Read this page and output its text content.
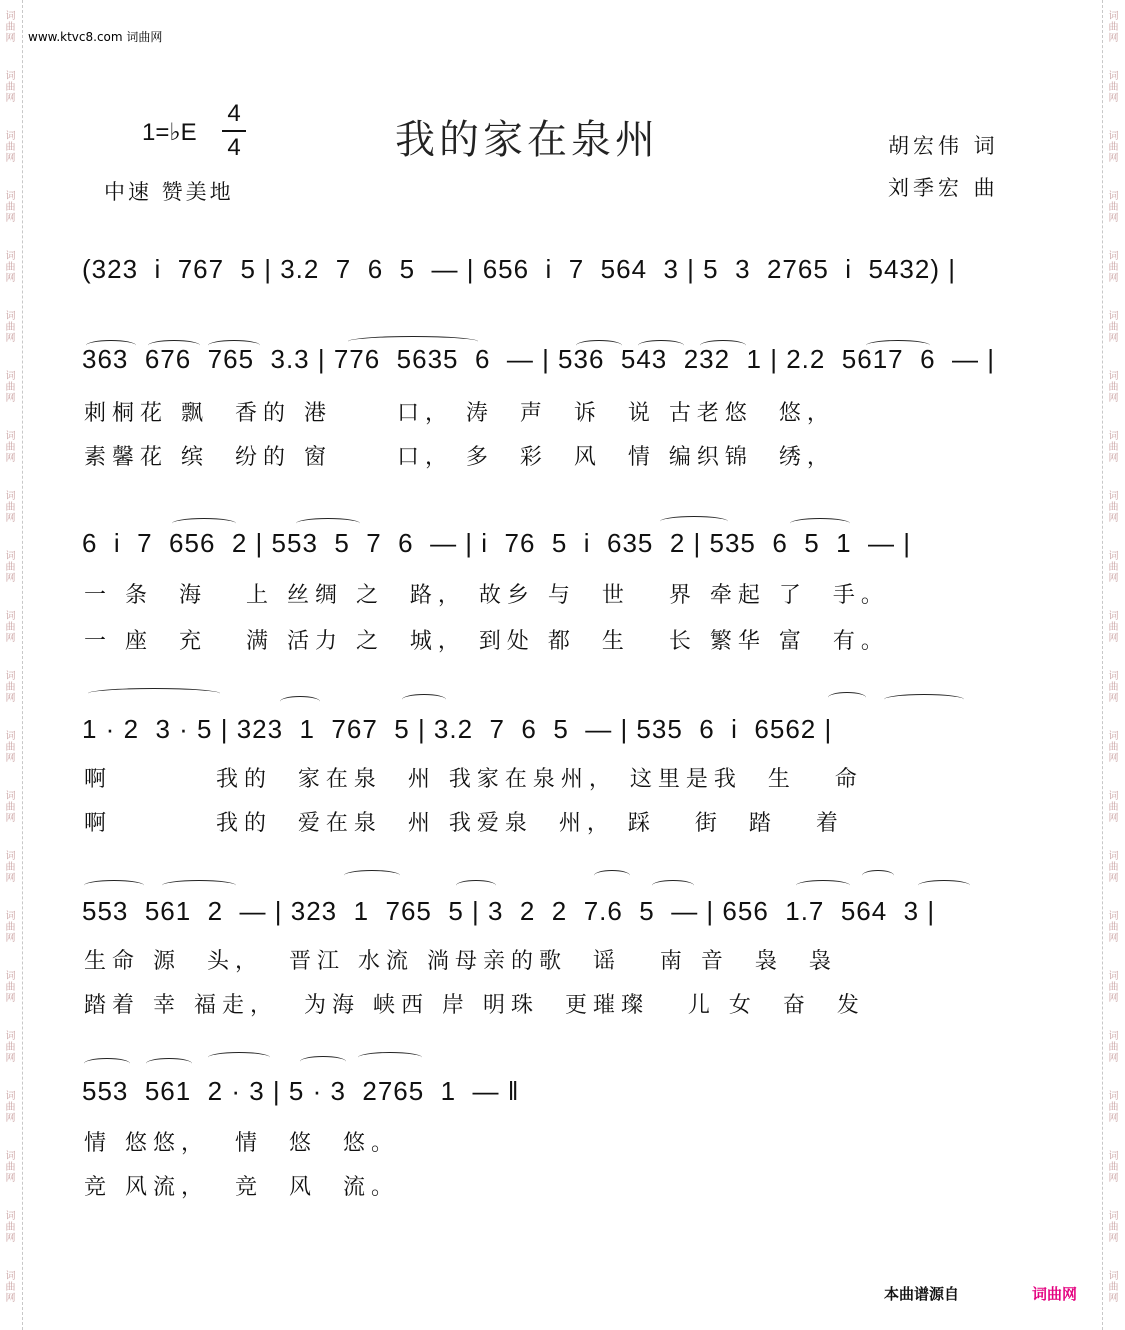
词曲网
词曲网
词曲网
词曲网
词曲网
词曲网
词曲网
词曲网
词曲网
词曲网
词曲网
词曲网
词曲网
词曲网
词曲网
词曲网
词曲网
词曲网
词曲网
词曲网
词曲网
词曲网
词曲网
词曲网
词曲网
词曲网
词曲网
词曲网
词曲网
词曲网
词曲网
词曲网
词曲网
词曲网
词曲网
词曲网
词曲网
词曲网
词曲网
词曲网
词曲网
词曲网
词曲网
词曲网
www.ktvc8.com 词曲网
1=♭E
4
4
中速 赞美地
我的家在泉州	胡宏伟 词
刘季宏 曲
(323  i  767  5 | 3.2  7  6  5  — | 656  i  7  564  3 | 5  3  2765  i  5432) |
363  676  765  3.3 | 776  5635  6  — | 536  543  232  1 | 2.2  5617  6  — |
刺桐花 飘  香的 港     口， 涛  声  诉  说 古老悠  悠，
素馨花 缤  纷的 窗     口， 多  彩  风  情 编织锦  绣，
6  i  7  656  2 | 553  5  7  6  — | i  76  5  i  635  2 | 535  6  5  1  — |
一 条  海   上 丝绸 之  路， 故乡 与  世   界 牵起 了  手。
一 座  充   满 活力 之  城， 到处 都  生   长 繁华 富  有。
1 · 2  3 · 5 | 323  1  767  5 | 3.2  7  6  5  — | 535  6  i  6562 |
啊        我的  家在泉  州 我家在泉州， 这里是我  生   命
啊        我的  爱在泉  州 我爱泉  州， 踩   街  踏   着
553  561  2  — | 323  1  765  5 | 3  2  2  7.6  5  — | 656  1.7  564  3 |
生命 源  头，  晋江 水流 淌母亲的歌  谣   南 音  袅  袅
踏着 幸 福走，  为海 峡西 岸 明珠  更璀璨   儿 女  奋  发
553  561  2 · 3 | 5 · 3  2765  1  — ‖
情 悠悠，  情  悠  悠。
竞 风流，  竞  风  流。
本曲谱源自	词曲网
